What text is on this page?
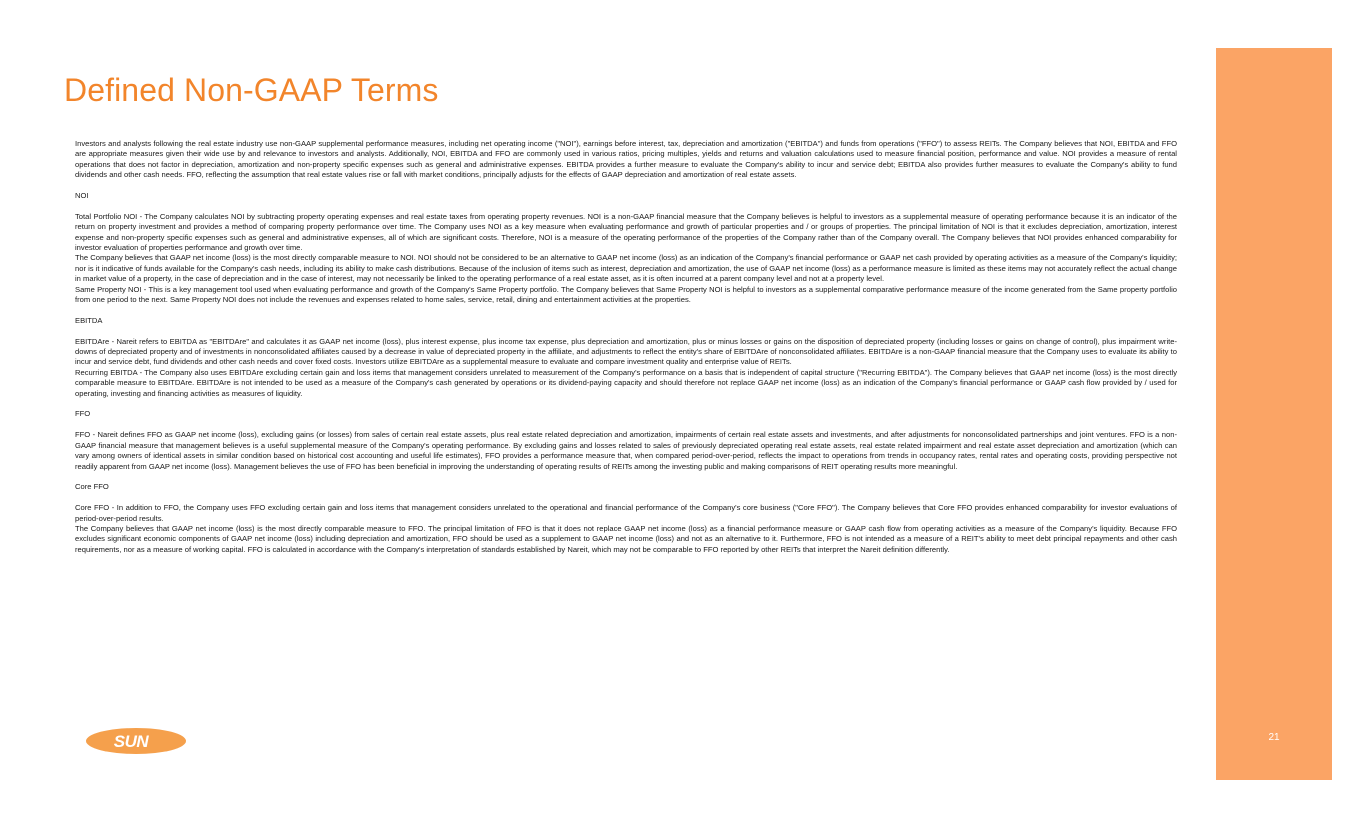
Defined Non-GAAP Terms

Investors and analysts following the real estate industry use non-GAAP supplemental performance measures, including net operating income ("NOI"), earnings before interest, tax, depreciation and amortization ("EBITDA") and funds from operations ("FFO") to assess REITs. The Company believes that NOI, EBITDA and FFO are appropriate measures given their wide use by and relevance to investors and analysts. Additionally, NOI, EBITDA and FFO are commonly used in various ratios, pricing multiples, yields and returns and valuation calculations used to measure financial position, performance and value. NOI provides a measure of rental operations that does not factor in depreciation, amortization and non-property specific expenses such as general and administrative expenses. EBITDA provides a further measure to evaluate the Company's ability to incur and service debt; EBITDA also provides further measures to evaluate the Company's ability to fund dividends and other cash needs. FFO, reflecting the assumption that real estate values rise or fall with market conditions, principally adjusts for the effects of GAAP depreciation and amortization of real estate assets.

NOI

Total Portfolio NOI - The Company calculates NOI by subtracting property operating expenses and real estate taxes from operating property revenues. NOI is a non-GAAP financial measure that the Company believes is helpful to investors as a supplemental measure of operating performance because it is an indicator of the return on property investment and provides a method of comparing property performance over time. The Company uses NOI as a key measure when evaluating performance and growth of particular properties and / or groups of properties. The principal limitation of NOI is that it excludes depreciation, amortization, interest expense and non-property specific expenses such as general and administrative expenses, all of which are significant costs. Therefore, NOI is a measure of the operating performance of the properties of the Company rather than of the Company overall. The Company believes that NOI provides enhanced comparability for investor evaluation of properties performance and growth over time.

The Company believes that GAAP net income (loss) is the most directly comparable measure to NOI. NOI should not be considered to be an alternative to GAAP net income (loss) as an indication of the Company's financial performance or GAAP net cash provided by operating activities as a measure of the Company's liquidity; nor is it indicative of funds available for the Company's cash needs, including its ability to make cash distributions. Because of the inclusion of items such as interest, depreciation and amortization, the use of GAAP net income (loss) as a performance measure is limited as these items may not accurately reflect the actual change in market value of a property, in the case of depreciation and in the case of interest, may not necessarily be linked to the operating performance of a real estate asset, as it is often incurred at a parent company level and not at a property level.

Same Property NOI - This is a key management tool used when evaluating performance and growth of the Company's Same Property portfolio. The Company believes that Same Property NOI is helpful to investors as a supplemental comparative performance measure of the income generated from the Same property portfolio from one period to the next. Same Property NOI does not include the revenues and expenses related to home sales, service, retail, dining and entertainment activities at the properties.

EBITDA

EBITDAre - Nareit refers to EBITDA as "EBITDAre" and calculates it as GAAP net income (loss), plus interest expense, plus income tax expense, plus depreciation and amortization, plus or minus losses or gains on the disposition of depreciated property (including losses or gains on change of control), plus impairment write-downs of depreciated property and of investments in nonconsolidated affiliates caused by a decrease in value of depreciated property in the affiliate, and adjustments to reflect the entity's share of EBITDAre of nonconsolidated affiliates. EBITDAre is a non-GAAP financial measure that the Company uses to evaluate its ability to incur and service debt, fund dividends and other cash needs and cover fixed costs. Investors utilize EBITDAre as a supplemental measure to evaluate and compare investment quality and enterprise value of REITs.

Recurring EBITDA - The Company also uses EBITDAre excluding certain gain and loss items that management considers unrelated to measurement of the Company's performance on a basis that is independent of capital structure ("Recurring EBITDA"). The Company believes that GAAP net income (loss) is the most directly comparable measure to EBITDAre. EBITDAre is not intended to be used as a measure of the Company's cash generated by operations or its dividend-paying capacity and should therefore not replace GAAP net income (loss) as an indication of the Company's financial performance or GAAP cash flow provided by / used for operating, investing and financing activities as measures of liquidity.

FFO

FFO - Nareit defines FFO as GAAP net income (loss), excluding gains (or losses) from sales of certain real estate assets, plus real estate related depreciation and amortization, impairments of certain real estate assets and investments, and after adjustments for nonconsolidated partnerships and joint ventures. FFO is a non-GAAP financial measure that management believes is a useful supplemental measure of the Company's operating performance. By excluding gains and losses related to sales of previously depreciated operating real estate assets, real estate related impairment and real estate asset depreciation and amortization (which can vary among owners of identical assets in similar condition based on historical cost accounting and useful life estimates), FFO provides a performance measure that, when compared period-over-period, reflects the impact to operations from trends in occupancy rates, rental rates and operating costs, providing perspective not readily apparent from GAAP net income (loss). Management believes the use of FFO has been beneficial in improving the understanding of operating results of REITs among the investing public and making comparisons of REIT operating results more meaningful.

Core FFO

Core FFO - In addition to FFO, the Company uses FFO excluding certain gain and loss items that management considers unrelated to the operational and financial performance of the Company's core business ("Core FFO"). The Company believes that Core FFO provides enhanced comparability for investor evaluations of period-over-period results.

The Company believes that GAAP net income (loss) is the most directly comparable measure to FFO. The principal limitation of FFO is that it does not replace GAAP net income (loss) as a financial performance measure or GAAP cash flow from operating activities as a measure of the Company's liquidity. Because FFO excludes significant economic components of GAAP net income (loss) including depreciation and amortization, FFO should be used as a supplement to GAAP net income (loss) and not as an alternative to it. Furthermore, FFO is not intended as a measure of a REIT's ability to meet debt principal repayments and other cash requirements, nor as a measure of working capital. FFO is calculated in accordance with the Company's interpretation of standards established by Nareit, which may not be comparable to FFO reported by other REITs that interpret the Nareit definition differently.

SUN	21
